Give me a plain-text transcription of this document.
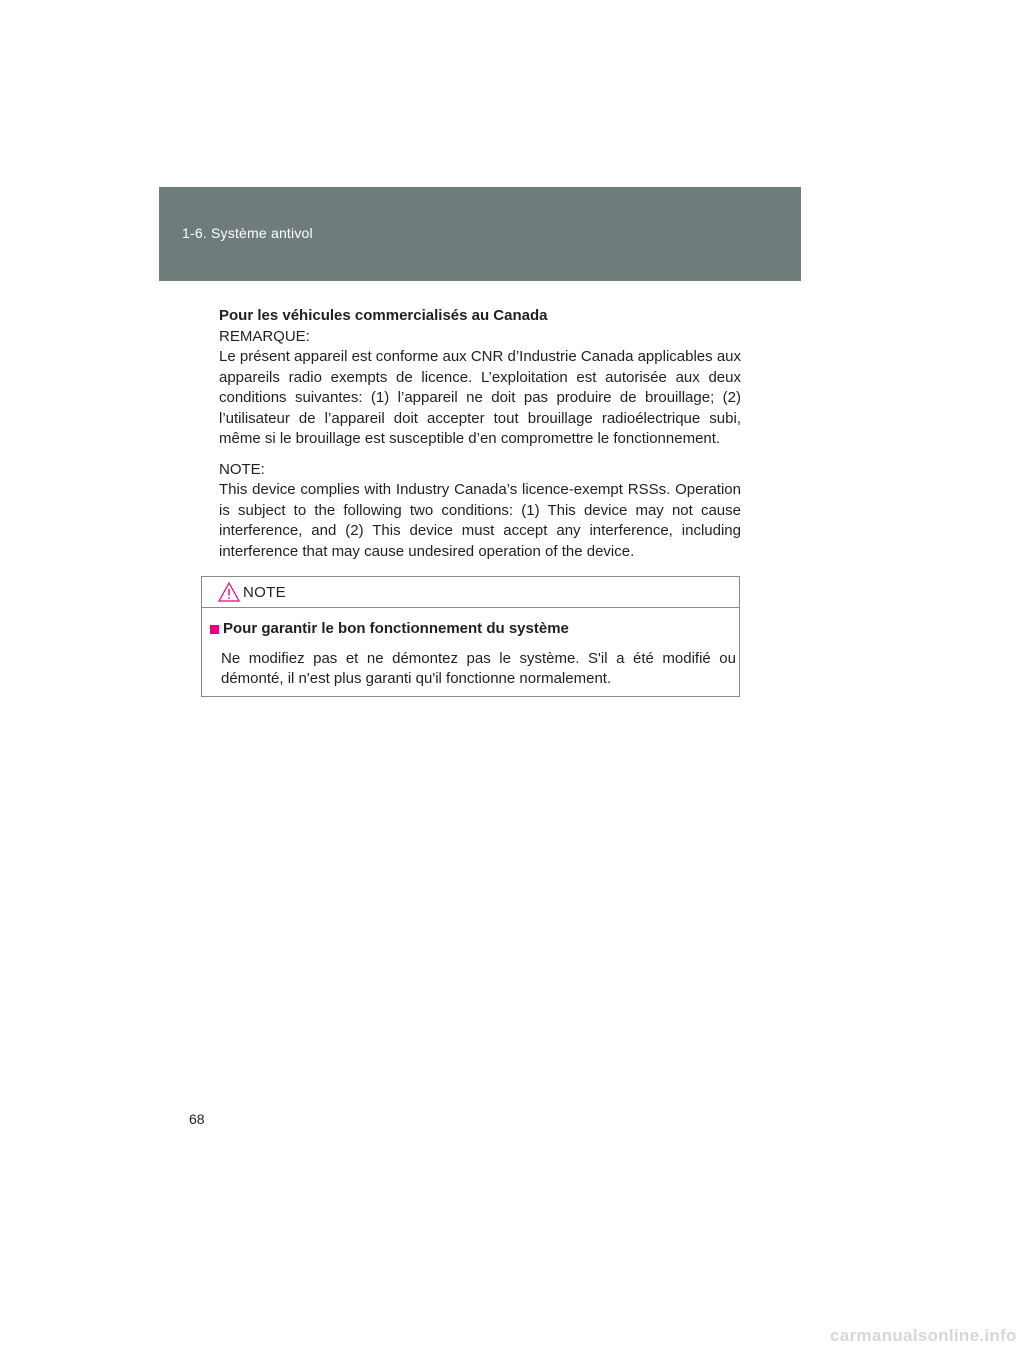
1-6. Système antivol

Pour les véhicules commercialisés au Canada

REMARQUE:

Le présent appareil est conforme aux CNR d’Industrie Canada applicables aux appareils radio exempts de licence. L’exploitation est autorisée aux deux conditions suivantes: (1) l’appareil ne doit pas produire de brouillage; (2) l’utilisateur de l’appareil doit accepter tout brouillage radioélectrique subi, même si le brouillage est susceptible d’en compromettre le fonctionnement.

NOTE:

This device complies with Industry Canada’s licence-exempt RSSs. Operation is subject to the following two conditions: (1) This device may not cause interference, and (2) This device must accept any interference, including interference that may cause undesired operation of the device.

NOTE
Pour garantir le bon fonctionnement du système

Ne modifiez pas et ne démontez pas le système. S'il a été modifié ou démonté, il n'est plus garanti qu'il fonctionne normalement.

68
carmanualsonline.info
